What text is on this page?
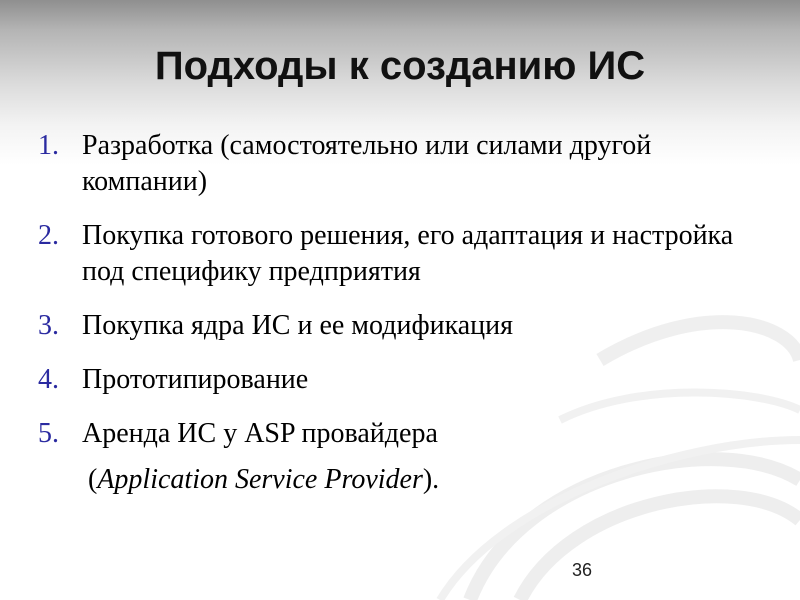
Подходы к созданию ИС
1. Разработка (самостоятельно или силами другой компании)
2. Покупка готового решения, его адаптация и настройка под специфику предприятия
3. Покупка ядра ИС и ее модификация
4. Прототипирование
5. Аренда ИС у ASP провайдера
(Application Service Provider).
36
